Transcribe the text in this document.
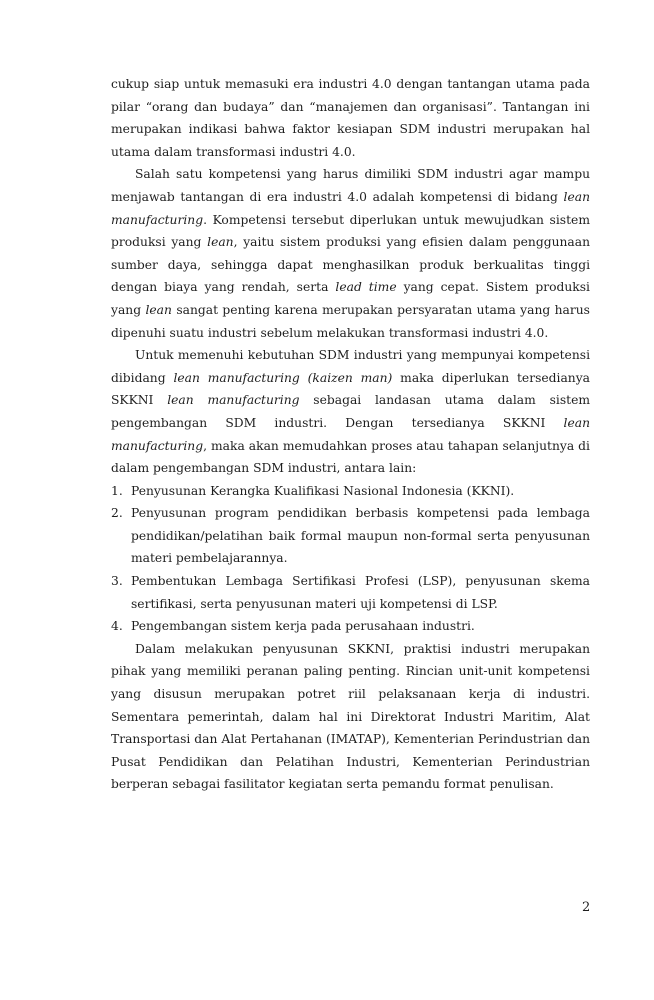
cukup siap untuk memasuki era industri 4.0 dengan tantangan utama pada pilar “orang dan budaya” dan “manajemen dan organisasi”. Tantangan ini merupakan indikasi bahwa faktor kesiapan SDM industri merupakan hal utama dalam transformasi industri 4.0.

Salah satu kompetensi yang harus dimiliki SDM industri agar mampu menjawab tantangan di era industri 4.0 adalah kompetensi di bidang lean manufacturing. Kompetensi tersebut diperlukan untuk mewujudkan sistem produksi yang lean, yaitu sistem produksi yang efisien dalam penggunaan sumber daya, sehingga dapat menghasilkan produk berkualitas tinggi dengan biaya yang rendah, serta lead time yang cepat. Sistem produksi yang lean sangat penting karena merupakan persyaratan utama yang harus dipenuhi suatu industri sebelum melakukan transformasi industri 4.0.

Untuk memenuhi kebutuhan SDM industri yang mempunyai kompetensi dibidang lean manufacturing (kaizen man) maka diperlukan tersedianya SKKNI lean manufacturing sebagai landasan utama dalam sistem pengembangan SDM industri. Dengan tersedianya SKKNI lean manufacturing, maka akan memudahkan proses atau tahapan selanjutnya di dalam pengembangan SDM industri, antara lain:

1. Penyusunan Kerangka Kualifikasi Nasional Indonesia (KKNI).
2. Penyusunan program pendidikan berbasis kompetensi pada lembaga pendidikan/pelatihan baik formal maupun non-formal serta penyusunan materi pembelajarannya.
3. Pembentukan Lembaga Sertifikasi Profesi (LSP), penyusunan skema sertifikasi, serta penyusunan materi uji kompetensi di LSP.
4. Pengembangan sistem kerja pada perusahaan industri.

Dalam melakukan penyusunan SKKNI, praktisi industri merupakan pihak yang memiliki peranan paling penting. Rincian unit-unit kompetensi yang disusun merupakan potret riil pelaksanaan kerja di industri. Sementara pemerintah, dalam hal ini Direktorat Industri Maritim, Alat Transportasi dan Alat Pertahanan (IMATAP), Kementerian Perindustrian dan Pusat Pendidikan dan Pelatihan Industri, Kementerian Perindustrian berperan sebagai fasilitator kegiatan serta pemandu format penulisan.

2
